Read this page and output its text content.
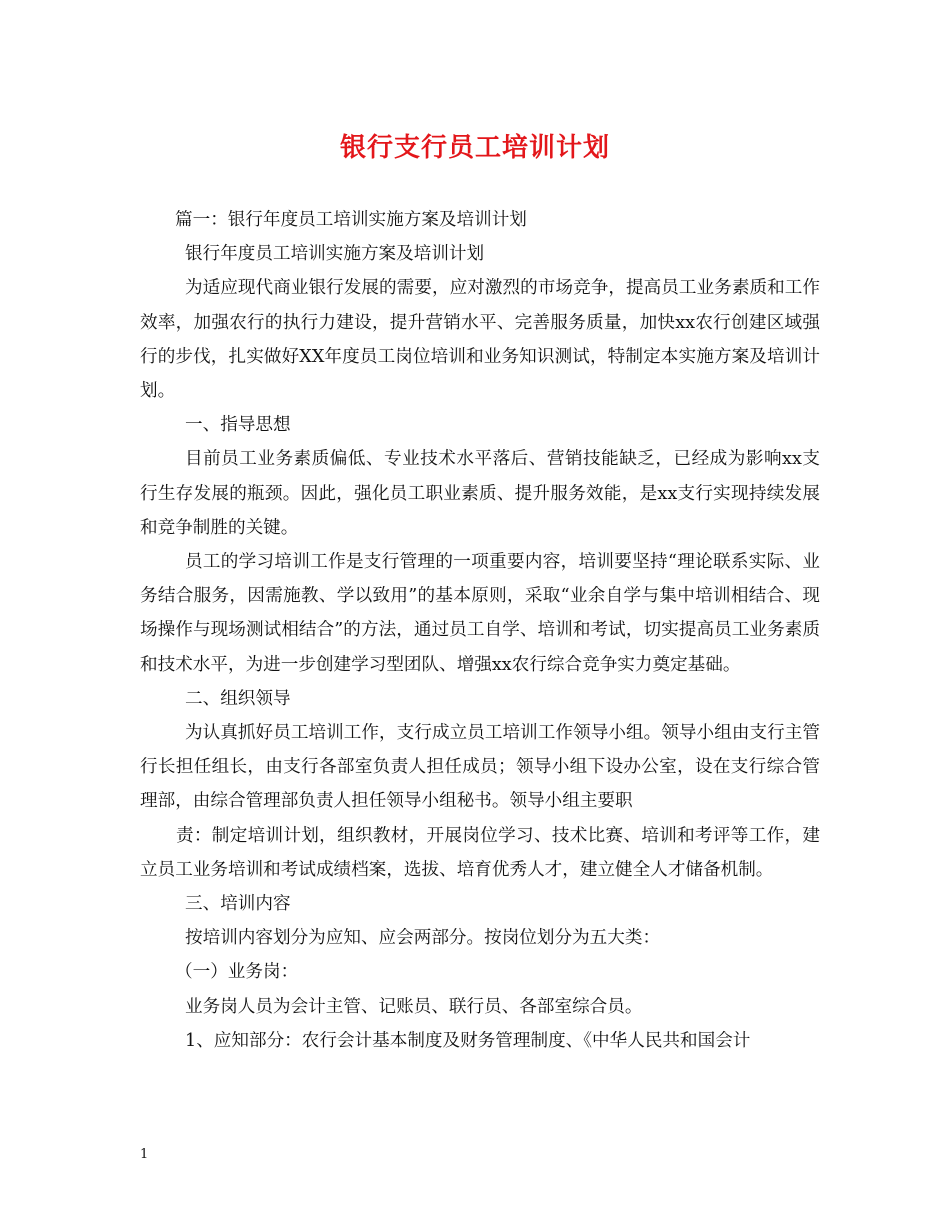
银行支行员工培训计划

篇一：银行年度员工培训实施方案及培训计划

银行年度员工培训实施方案及培训计划

为适应现代商业银行发展的需要，应对激烈的市场竞争，提高员工业务素质和工作效率，加强农行的执行力建设，提升营销水平、完善服务质量，加快xx农行创建区域强行的步伐，扎实做好XX年度员工岗位培训和业务知识测试，特制定本实施方案及培训计划。

一、指导思想

目前员工业务素质偏低、专业技术水平落后、营销技能缺乏，已经成为影响xx支行生存发展的瓶颈。因此，强化员工职业素质、提升服务效能，是xx支行实现持续发展和竞争制胜的关键。

员工的学习培训工作是支行管理的一项重要内容，培训要坚持“理论联系实际、业务结合服务，因需施教、学以致用”的基本原则，采取“业余自学与集中培训相结合、现场操作与现场测试相结合”的方法，通过员工自学、培训和考试，切实提高员工业务素质和技术水平，为进一步创建学习型团队、增强xx农行综合竞争实力奠定基础。

二、组织领导

为认真抓好员工培训工作，支行成立员工培训工作领导小组。领导小组由支行主管行长担任组长，由支行各部室负责人担任成员；领导小组下设办公室，设在支行综合管理部，由综合管理部负责人担任领导小组秘书。领导小组主要职

责：制定培训计划，组织教材，开展岗位学习、技术比赛、培训和考评等工作，建立员工业务培训和考试成绩档案，选拔、培育优秀人才，建立健全人才储备机制。

三、培训内容

按培训内容划分为应知、应会两部分。按岗位划分为五大类：

（一）业务岗：

业务岗人员为会计主管、记账员、联行员、各部室综合员。

1、应知部分：农行会计基本制度及财务管理制度、《中华人民共和国会计

1
